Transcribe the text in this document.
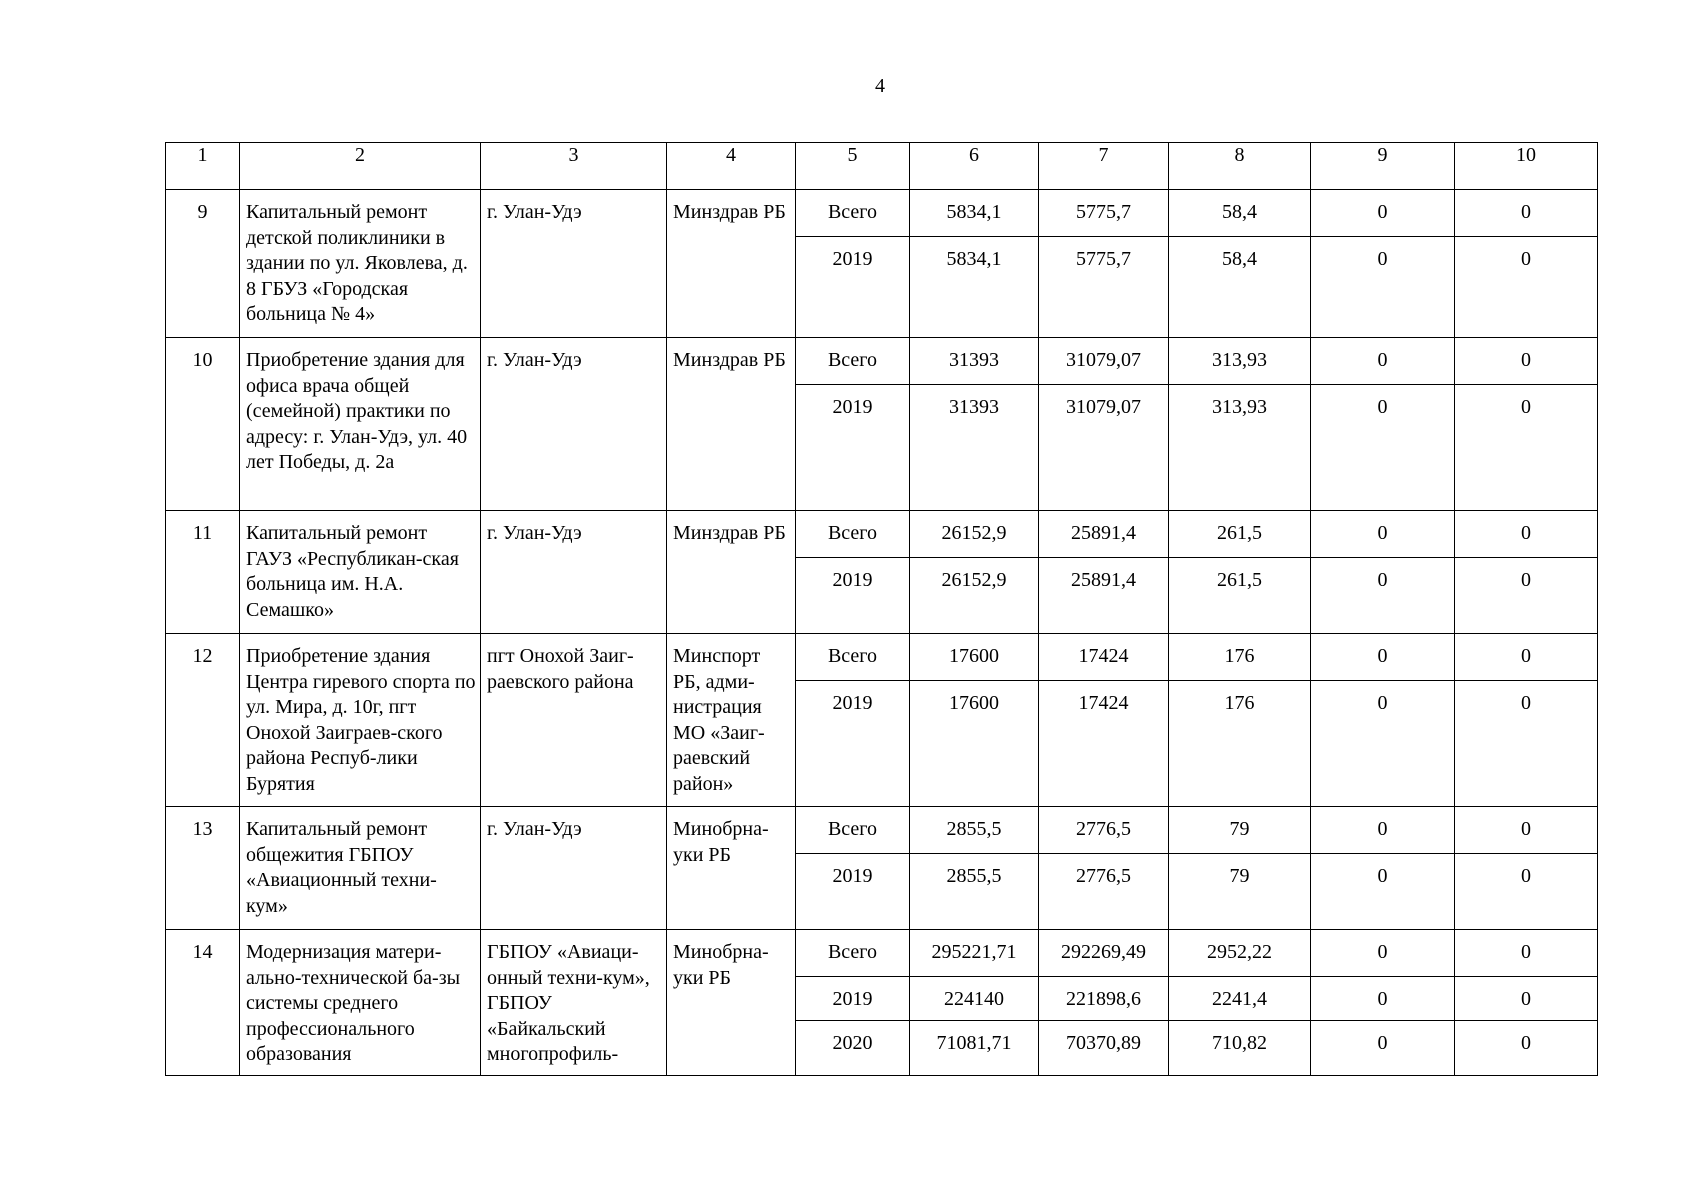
4
1	2	3	4	5	6	7	8	9	10
9	Капитальный ремонт детской поликлиники в здании по ул. Яковлева, д. 8 ГБУЗ «Городская больница № 4»	г. Улан-Удэ	Минздрав РБ	Всего	5834,1	5775,7	58,4	0	0
				2019	5834,1	5775,7	58,4	0	0
10	Приобретение здания для офиса врача общей (семейной) практики по адресу: г. Улан-Удэ, ул. 40 лет Победы, д. 2а	г. Улан-Удэ	Минздрав РБ	Всего	31393	31079,07	313,93	0	0
				2019	31393	31079,07	313,93	0	0
11	Капитальный ремонт ГАУЗ «Республикан-ская больница им. Н.А. Семашко»	г. Улан-Удэ	Минздрав РБ	Всего	26152,9	25891,4	261,5	0	0
				2019	26152,9	25891,4	261,5	0	0
12	Приобретение здания Центра гиревого спорта по ул. Мира, д. 10г, пгт Онохой Заиграев-ского района Респуб-лики Бурятия	пгт Онохой Заиг-раевского района	Минспорт РБ, адми-нистрация МО «Заиг-раевский район»	Всего	17600	17424	176	0	0
				2019	17600	17424	176	0	0
13	Капитальный ремонт общежития ГБПОУ «Авиационный техни-кум»	г. Улан-Удэ	Минобрна-уки РБ	Всего	2855,5	2776,5	79	0	0
				2019	2855,5	2776,5	79	0	0
14	Модернизация матери-ально-технической ба-зы системы среднего профессионального образования	ГБПОУ «Авиаци-онный техни-кум», ГБПОУ «Байкальский многопрофиль-	Минобрна-уки РБ	Всего	295221,71	292269,49	2952,22	0	0
				2019	224140	221898,6	2241,4	0	0
				2020	71081,71	70370,89	710,82	0	0
